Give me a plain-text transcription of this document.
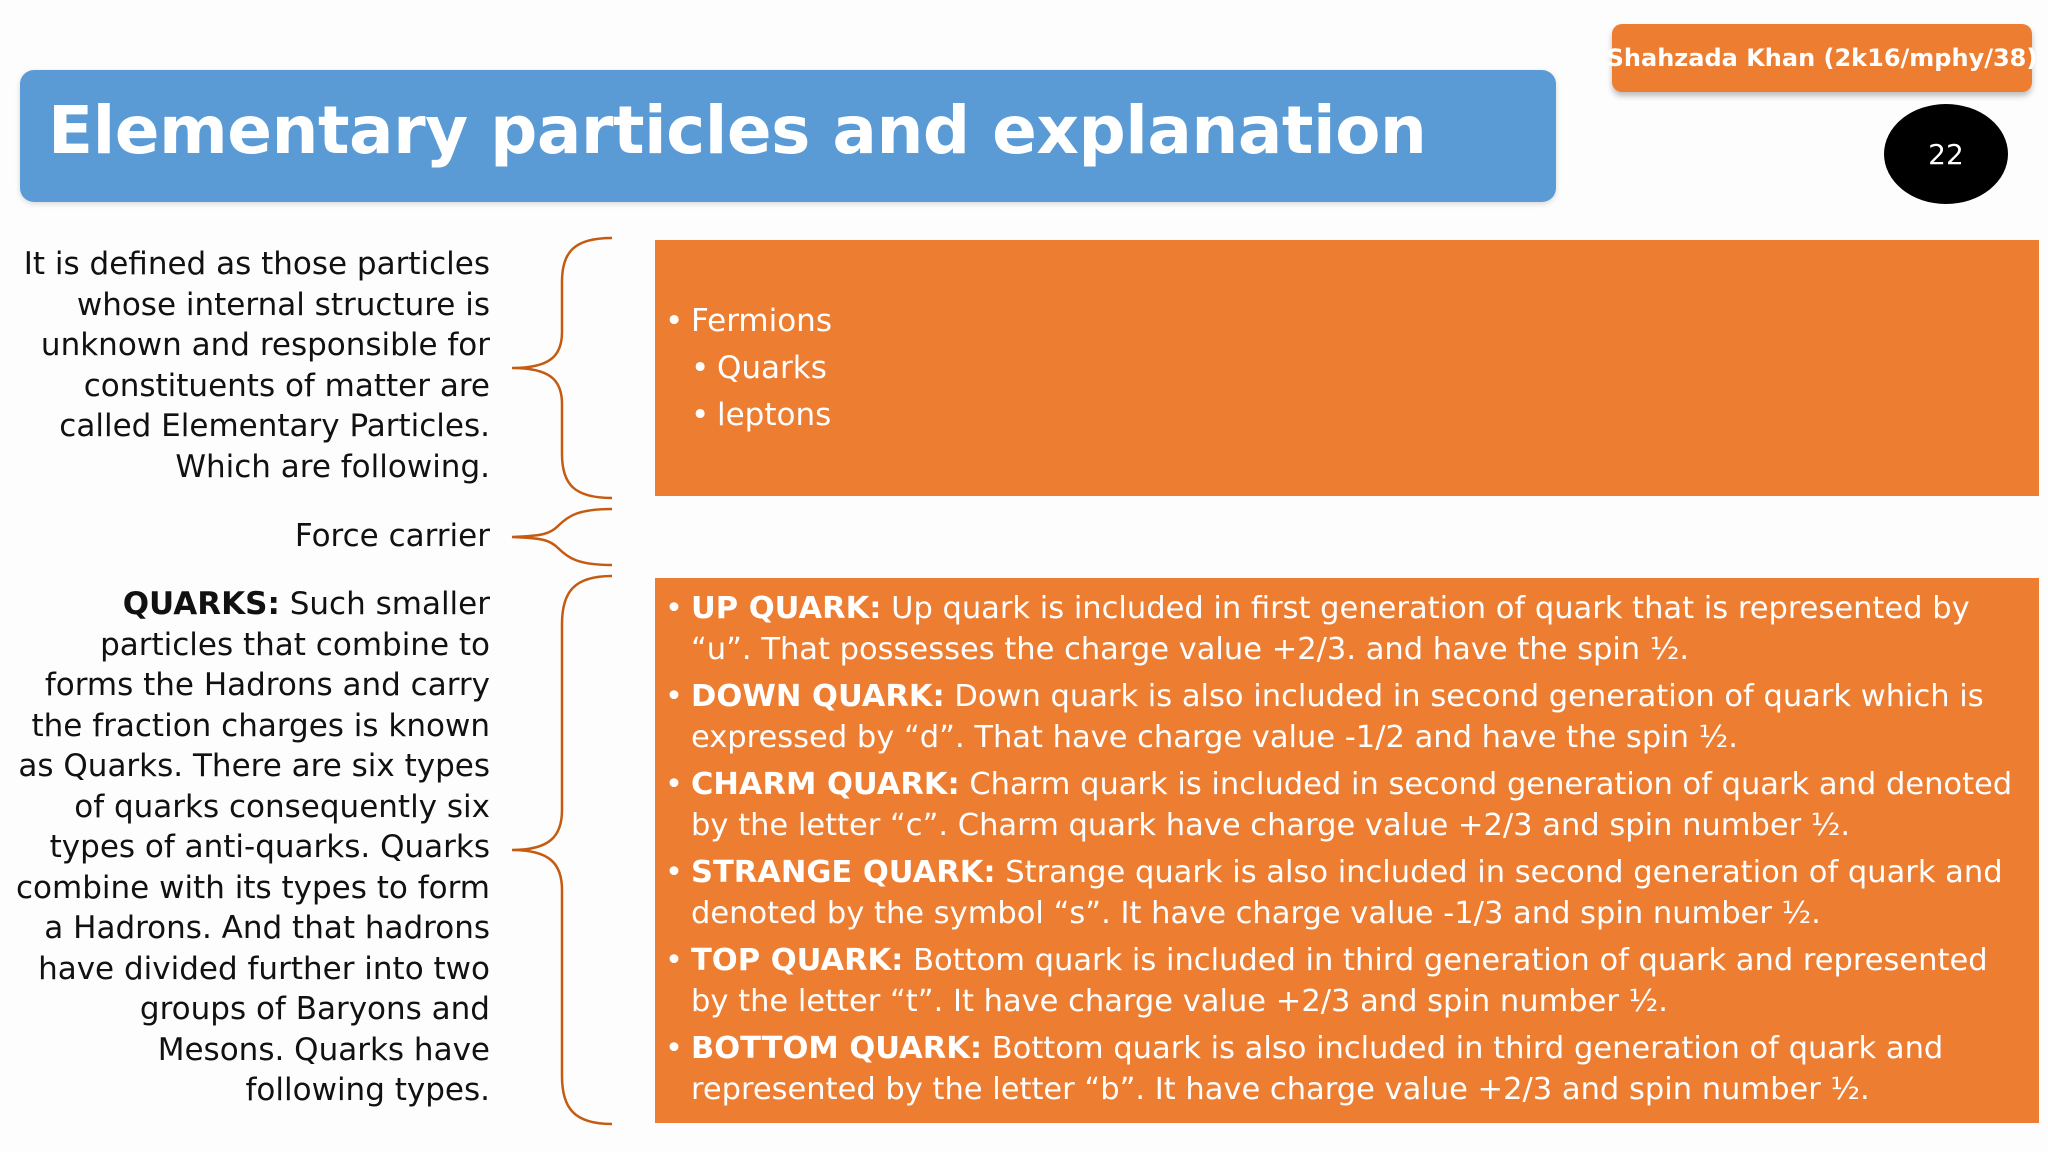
Elementary particles and explanation
Shahzada Khan (2k16/mphy/38)
22

It is defined as those particles whose internal structure is unknown and responsible for constituents of matter are called Elementary Particles. Which are following.

Force carrier

QUARKS: Such smaller particles that combine to forms the Hadrons and carry the fraction charges is known as Quarks. There are six types of quarks consequently six types of anti-quarks. Quarks combine with its types to form a Hadrons. And that hadrons have divided further into two groups of Baryons and Mesons. Quarks have following types.

• Fermions
• Quarks
• leptons
• UP QUARK: Up quark is included in first generation of quark that is represented by “u”. That possesses the charge value +2/3. and have the spin ½.
• DOWN QUARK: Down quark is also included in second generation of quark which is expressed by “d”. That have charge value -1/2 and have the spin ½.
• CHARM QUARK: Charm quark is included in second generation of quark and denoted by the letter “c”. Charm quark have charge value +2/3 and spin number ½.
• STRANGE QUARK: Strange quark is also included in second generation of quark and denoted by the symbol “s”. It have charge value -1/3 and spin number ½.
• TOP QUARK: Bottom quark is included in third generation of quark and represented by the letter “t”. It have charge value +2/3 and spin number ½.
• BOTTOM QUARK: Bottom quark is also included in third generation of quark and represented by the letter “b”. It have charge value +2/3 and spin number ½.
